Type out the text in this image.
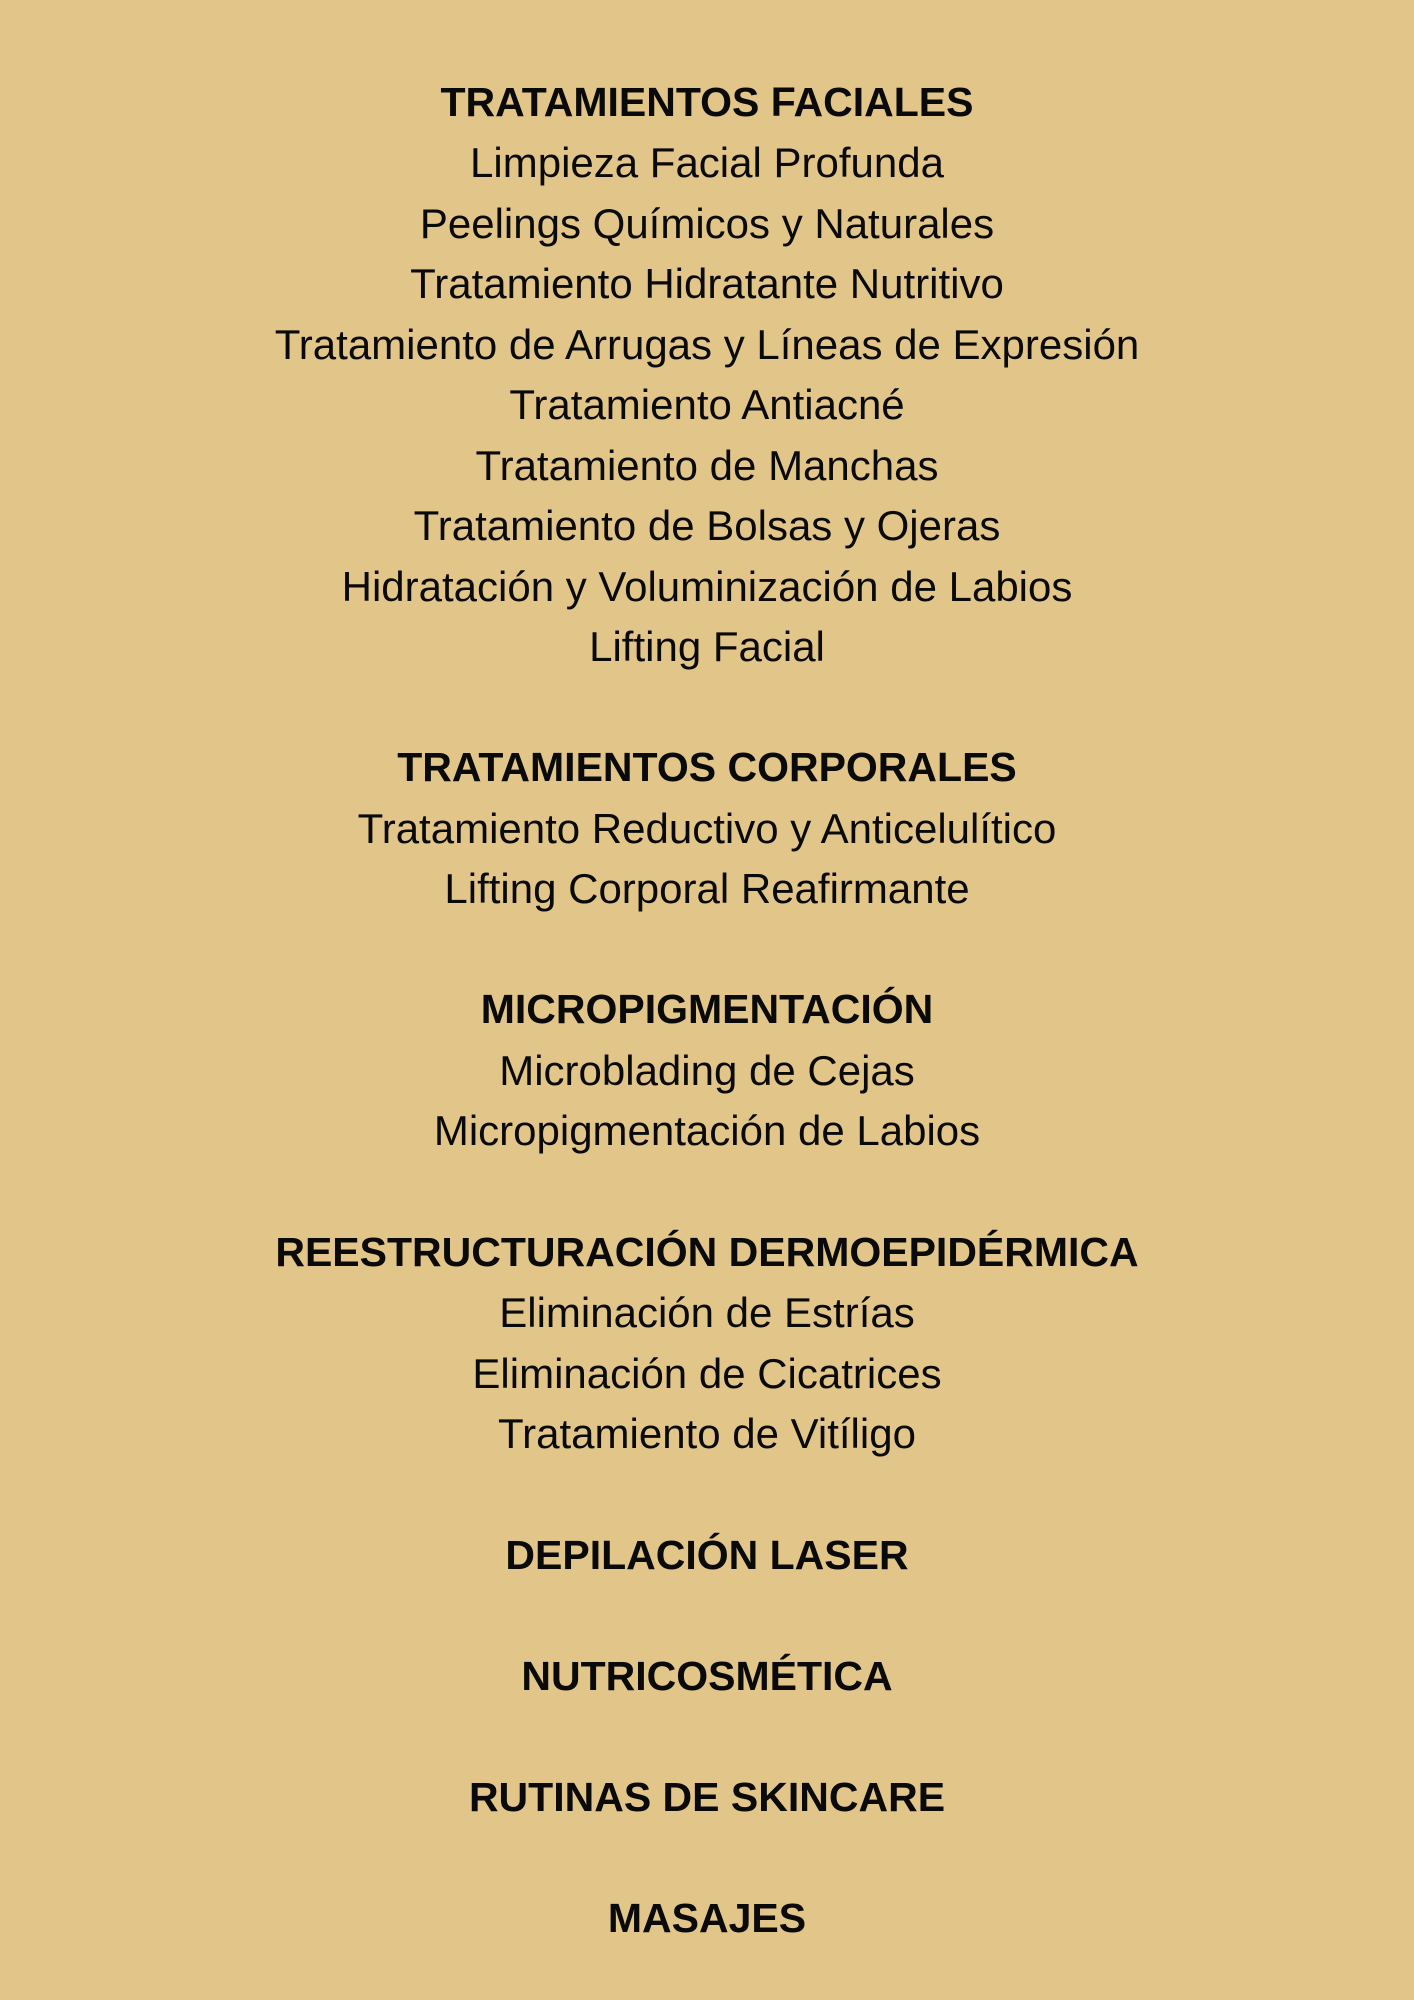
TRATAMIENTOS FACIALES
Limpieza Facial Profunda
Peelings Químicos y Naturales
Tratamiento Hidratante Nutritivo
Tratamiento de Arrugas y Líneas de Expresión
Tratamiento Antiacné
Tratamiento de Manchas
Tratamiento de Bolsas y Ojeras
Hidratación y Voluminización de Labios
Lifting Facial
TRATAMIENTOS CORPORALES
Tratamiento Reductivo y Anticelulítico
Lifting Corporal Reafirmante
MICROPIGMENTACIÓN
Microblading de Cejas
Micropigmentación de Labios
REESTRUCTURACIÓN DERMOEPIDÉRMICA
Eliminación de Estrías
Eliminación de Cicatrices
Tratamiento de Vitíligo
DEPILACIÓN LASER
NUTRICOSMÉTICA
RUTINAS DE SKINCARE
MASAJES
